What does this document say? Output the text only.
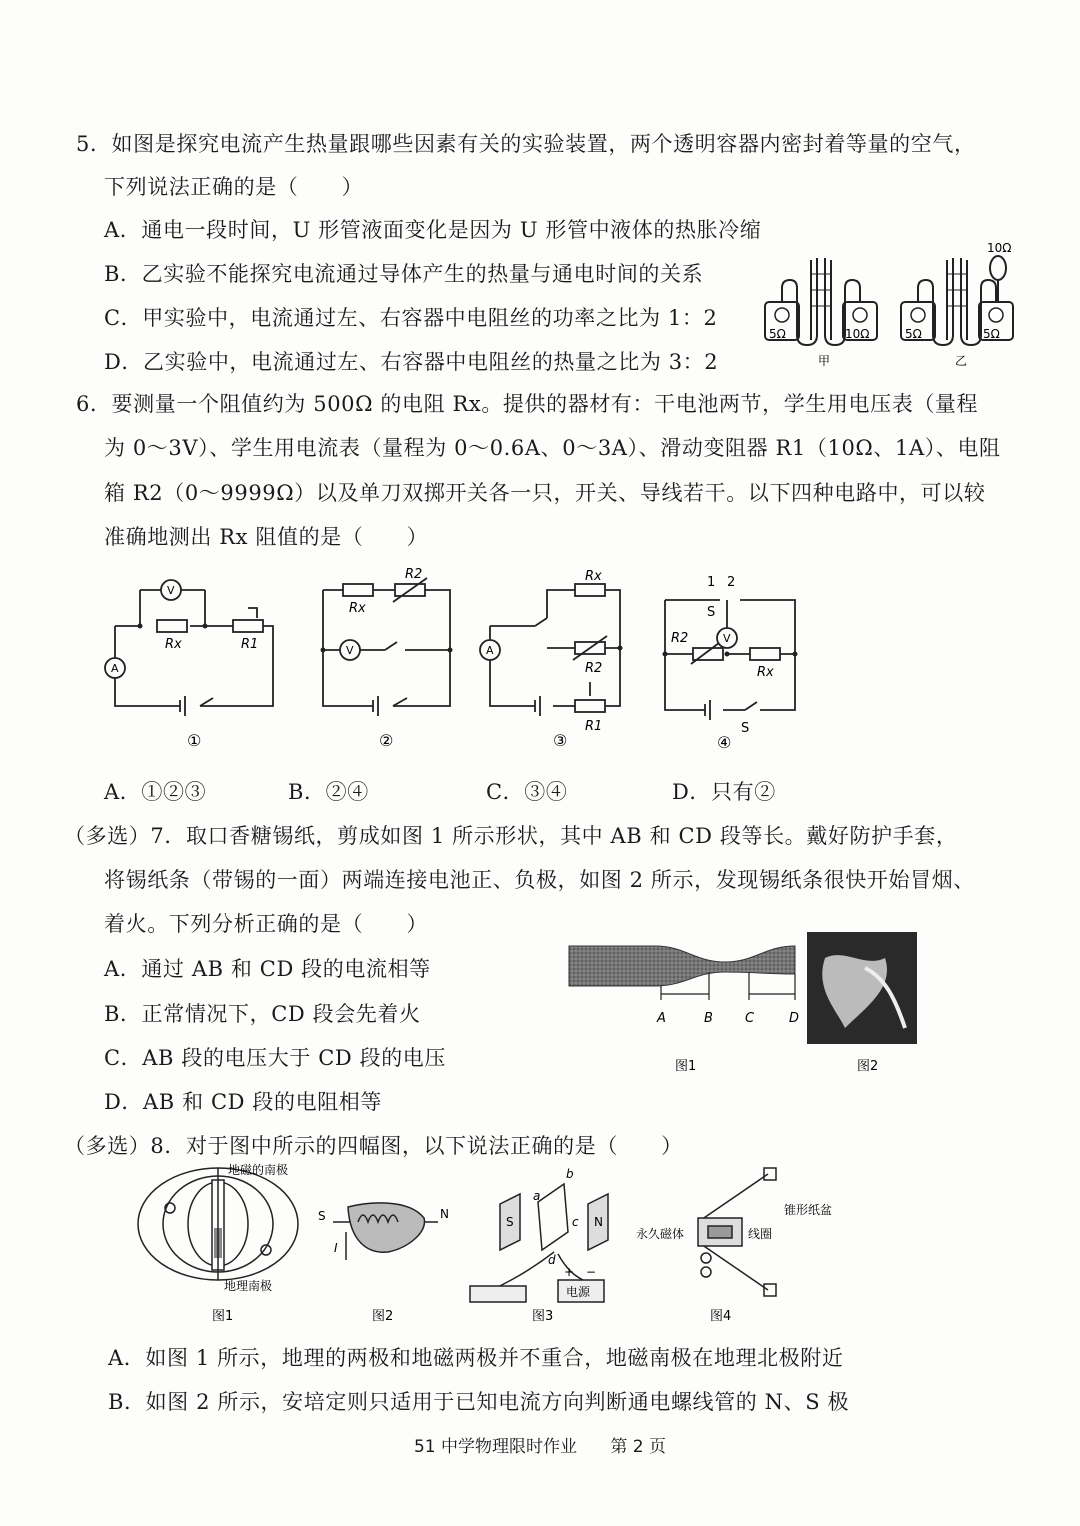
5．如图是探究电流产生热量跟哪些因素有关的实验装置，两个透明容器内密封着等量的空气，
下列说法正确的是（　　）
A．通电一段时间，U 形管液面变化是因为 U 形管中液体的热胀冷缩
B．乙实验不能探究电流通过导体产生的热量与通电时间的关系
C．甲实验中，电流通过左、右容器中电阻丝的功率之比为 1：2
D．乙实验中，电流通过左、右容器中电阻丝的热量之比为 3：2
5Ω	10Ω
甲
5Ω	5Ω
10Ω
乙
6．要测量一个阻值约为 500Ω 的电阻 Rx。提供的器材有：干电池两节，学生用电压表（量程
为 0～3V）、学生用电流表（量程为 0～0.6A、0～3A）、滑动变阻器 R1（10Ω、1A）、电阻
箱 R2（0～9999Ω）以及单刀双掷开关各一只，开关、导线若干。以下四种电路中，可以较
准确地测出 Rx 阻值的是（　　）
V
A
Rx	R1
①
V
Rx
R2
②
A
Rx
R2
R1
③
V
R2
Rx
S
1 2
S
④
A．①②③	B．②④	C．③④	D．只有②
（多选）7．取口香糖锡纸，剪成如图 1 所示形状，其中 AB 和 CD 段等长。戴好防护手套，
将锡纸条（带锡的一面）两端连接电池正、负极，如图 2 所示，发现锡纸条很快开始冒烟、
着火。下列分析正确的是（　　）
A．通过 AB 和 CD 段的电流相等
B．正常情况下，CD 段会先着火
C．AB 段的电压大于 CD 段的电压
D．AB 和 CD 段的电阻相等
A	B C	D
图1	图2
（多选）8．对于图中所示的四幅图，以下说法正确的是（　　）
地磁的南极
地理南极
图1
S	N
I
图2
S	N
a
b
c
d
+ −
电源
图3
锥形纸盆
永久磁体	线圈
图4
A．如图 1 所示，地理的两极和地磁两极并不重合，地磁南极在地理北极附近
B．如图 2 所示，安培定则只适用于已知电流方向判断通电螺线管的 N、S 极
51 中学物理限时作业 第 2 页
